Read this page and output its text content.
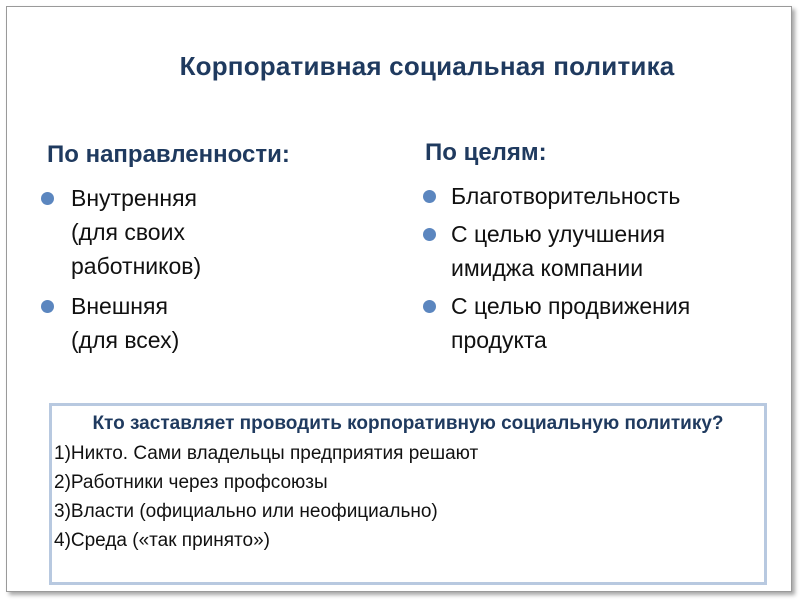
Корпоративная социальная политика
По направленности:
Внутренняя
(для своих
работников)
Внешняя
(для всех)
По целям:
Благотворительность
С целью улучшения
имиджа компании
С целью продвижения
продукта
Кто заставляет проводить корпоративную социальную политику?
1)Никто. Сами владельцы предприятия решают
2)Работники через профсоюзы
3)Власти (официально или неофициально)
4)Среда («так принято»)
